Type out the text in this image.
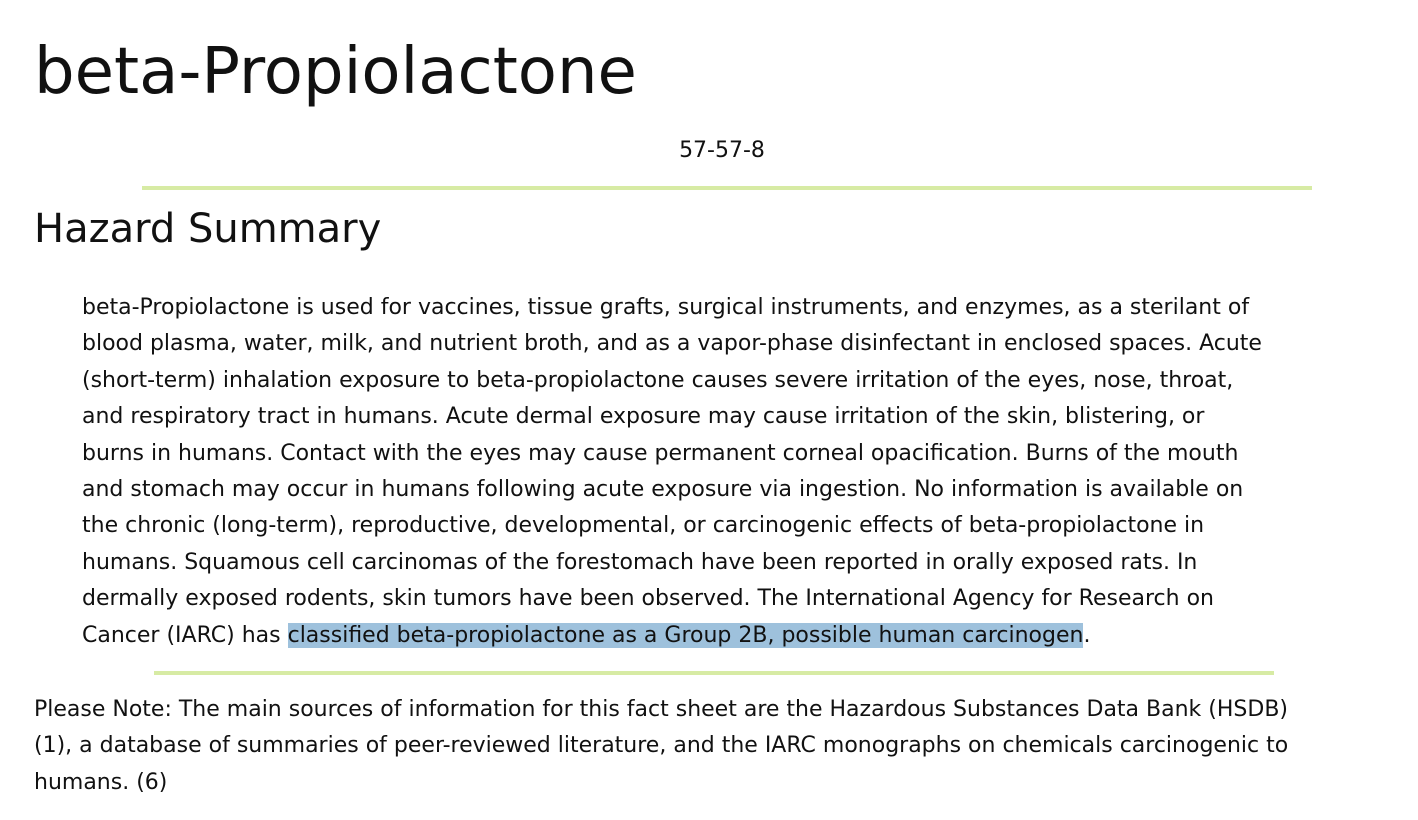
beta-Propiolactone
57-57-8
Hazard Summary

beta-Propiolactone is used for vaccines, tissue grafts, surgical instruments, and enzymes, as a sterilant of
blood plasma, water, milk, and nutrient broth, and as a vapor-phase disinfectant in enclosed spaces. Acute
(short-term) inhalation exposure to beta-propiolactone causes severe irritation of the eyes, nose, throat,
and respiratory tract in humans. Acute dermal exposure may cause irritation of the skin, blistering, or
burns in humans. Contact with the eyes may cause permanent corneal opacification. Burns of the mouth
and stomach may occur in humans following acute exposure via ingestion. No information is available on
the chronic (long-term), reproductive, developmental, or carcinogenic effects of beta-propiolactone in
humans. Squamous cell carcinomas of the forestomach have been reported in orally exposed rats. In
dermally exposed rodents, skin tumors have been observed. The International Agency for Research on
Cancer (IARC) has classified beta-propiolactone as a Group 2B, possible human carcinogen.

Please Note: The main sources of information for this fact sheet are the Hazardous Substances Data Bank (HSDB)
(1), a database of summaries of peer-reviewed literature, and the IARC monographs on chemicals carcinogenic to
humans. (6)
